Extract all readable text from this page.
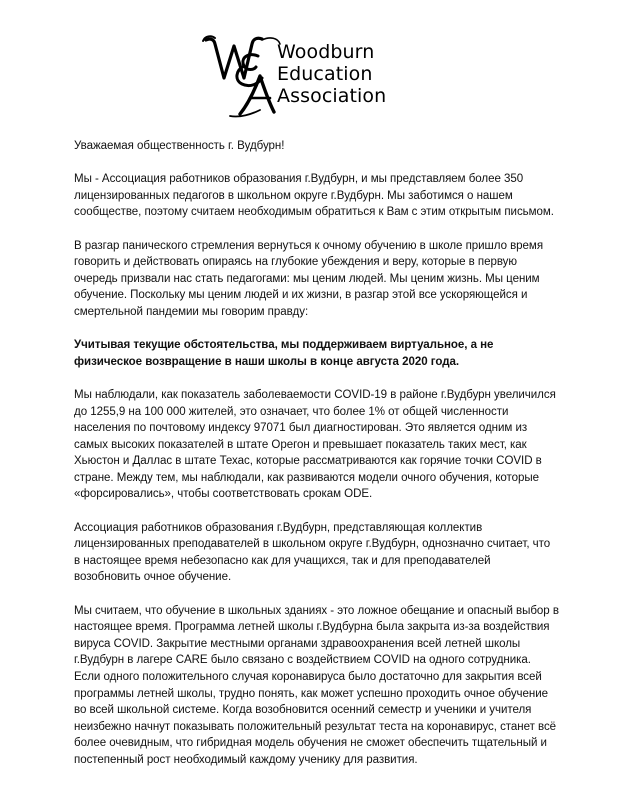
Woodburn
Education
Association

Уважаемая общественность г. Вудбурн!

Мы - Ассоциация работников образования г.Вудбурн, и мы представляем более 350
лицензированных педагогов в школьном округе г.Вудбурн. Мы заботимся о нашем
сообществе, поэтому считаем необходимым обратиться к Вам с этим открытым письмом.

В разгар панического стремления вернуться к очному обучению в школе пришло время
говорить и действовать опираясь на глубокие убеждения и веру, которые в первую
очередь призвали нас стать педагогами: мы ценим людей. Мы ценим жизнь. Мы ценим
обучение. Поскольку мы ценим людей и их жизни, в разгар этой все ускоряющейся и
смертельной пандемии мы говорим правду:

Учитывая текущие обстоятельства, мы поддерживаем виртуальное, а не
физическое возвращение в наши школы в конце августа 2020 года.

Мы наблюдали, как показатель заболеваемости COVID-19 в районе г.Вудбурн увеличился
до 1255,9 на 100 000 жителей, это означает, что более 1% от общей численности
населения по почтовому индексу 97071 был диагностирован. Это является одним из
самых высоких показателей в штате Орегон и превышает показатель таких мест, как
Хьюстон и Даллас в штате Техас, которые рассматриваются как горячие точки COVID в
стране. Между тем, мы наблюдали, как развиваются модели очного обучения, которые
«форсировались», чтобы соответствовать срокам ODE.

Ассоциация работников образования г.Вудбурн, представляющая коллектив
лицензированных преподавателей в школьном округе г.Вудбурн, однозначно считает, что
в настоящее время небезопасно как для учащихся, так и для преподавателей
возобновить очное обучение.

Мы считаем, что обучение в школьных зданиях - это ложное обещание и опасный выбор в
настоящее время. Программа летней школы г.Вудбурна была закрыта из-за воздействия
вируса COVID. Закрытие местными органами здравоохранения всей летней школы
г.Вудбурн в лагере CARE было связано с воздействием COVID на одного сотрудника.
Если одного положительного случая коронавируса было достаточно для закрытия всей
программы летней школы, трудно понять, как может успешно проходить очное обучение
во всей школьной системе. Когда возобновится осенний семестр и ученики и учителя
неизбежно начнут показывать положительный результат теста на коронавирус, станет всё
более очевидным, что гибридная модель обучения не сможет обеспечить тщательный и
постепенный рост необходимый каждому ученику для развития.
